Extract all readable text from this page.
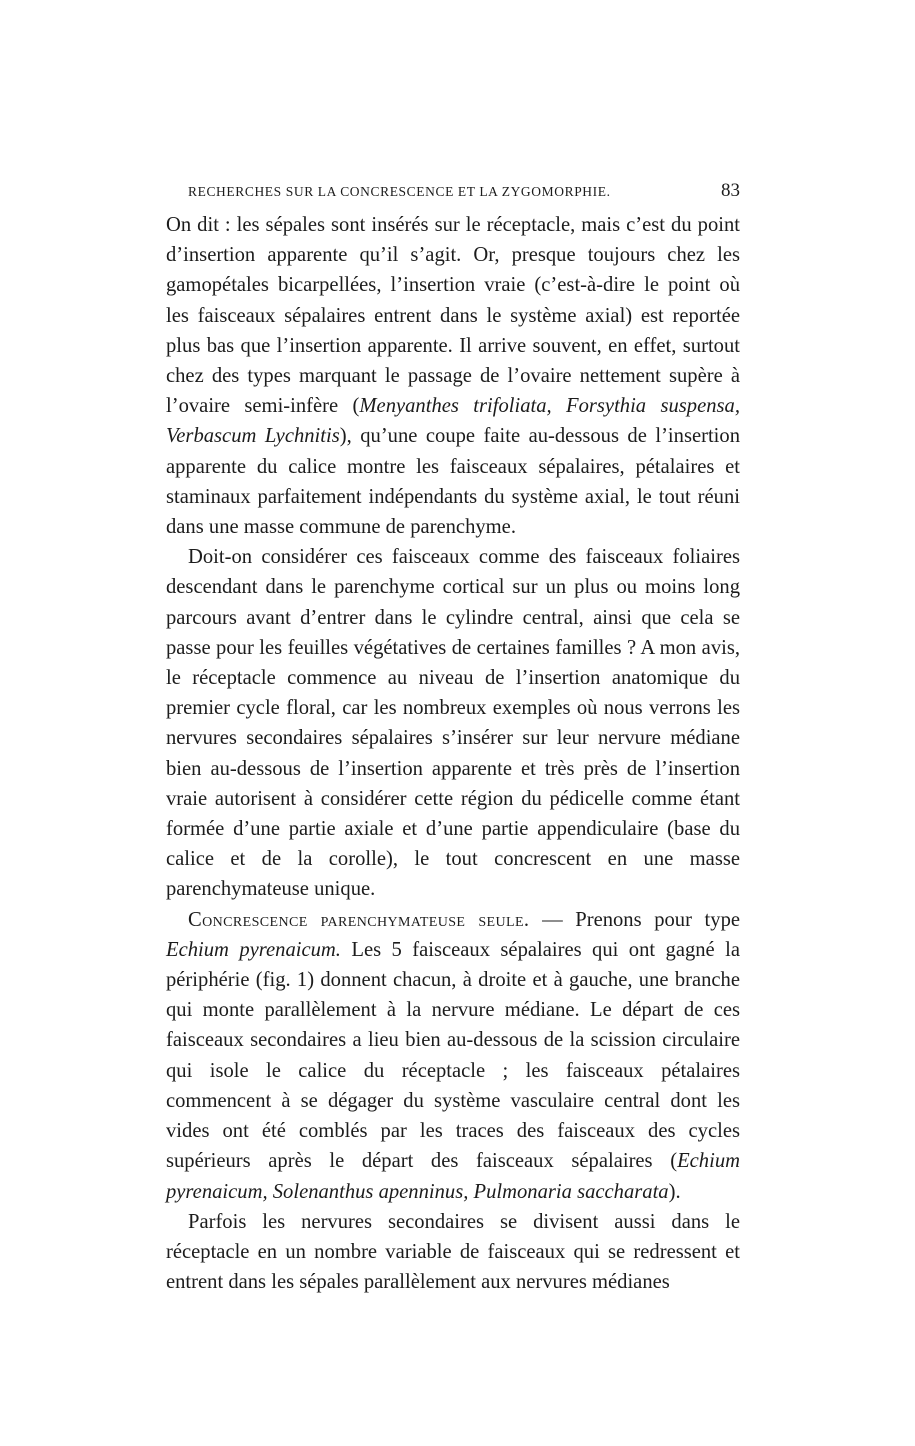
RECHERCHES SUR LA CONCRESCENCE ET LA ZYGOMORPHIE.	83

On dit : les sépales sont insérés sur le réceptacle, mais c’est du point d’insertion apparente qu’il s’agit. Or, presque toujours chez les gamopétales bicarpellées, l’insertion vraie (c’est-à-dire le point où les faisceaux sépalaires entrent dans le système axial) est reportée plus bas que l’insertion apparente. Il arrive souvent, en effet, surtout chez des types marquant le passage de l’ovaire nettement supère à l’ovaire semi-infère (Menyanthes trifoliata, Forsythia suspensa, Verbascum Lychnitis), qu’une coupe faite au-dessous de l’insertion apparente du calice montre les faisceaux sépalaires, pétalaires et staminaux parfaitement indépendants du système axial, le tout réuni dans une masse commune de parenchyme.

Doit-on considérer ces faisceaux comme des faisceaux foliaires descendant dans le parenchyme cortical sur un plus ou moins long parcours avant d’entrer dans le cylindre central, ainsi que cela se passe pour les feuilles végétatives de certaines familles ? A mon avis, le réceptacle commence au niveau de l’insertion anatomique du premier cycle floral, car les nombreux exemples où nous verrons les nervures secondaires sépalaires s’insérer sur leur nervure médiane bien au-dessous de l’insertion apparente et très près de l’insertion vraie autorisent à considérer cette région du pédicelle comme étant formée d’une partie axiale et d’une partie appendiculaire (base du calice et de la corolle), le tout concrescent en une masse parenchymateuse unique.

Concrescence parenchymateuse seule. — Prenons pour type Echium pyrenaicum. Les 5 faisceaux sépalaires qui ont gagné la périphérie (fig. 1) donnent chacun, à droite et à gauche, une branche qui monte parallèlement à la nervure médiane. Le départ de ces faisceaux secondaires a lieu bien au-dessous de la scission circulaire qui isole le calice du réceptacle ; les faisceaux pétalaires commencent à se dégager du système vasculaire central dont les vides ont été comblés par les traces des faisceaux des cycles supérieurs après le départ des faisceaux sépalaires (Echium pyrenaicum, Solenanthus apenninus, Pulmonaria saccharata).

Parfois les nervures secondaires se divisent aussi dans le réceptacle en un nombre variable de faisceaux qui se redressent et entrent dans les sépales parallèlement aux nervures médianes
